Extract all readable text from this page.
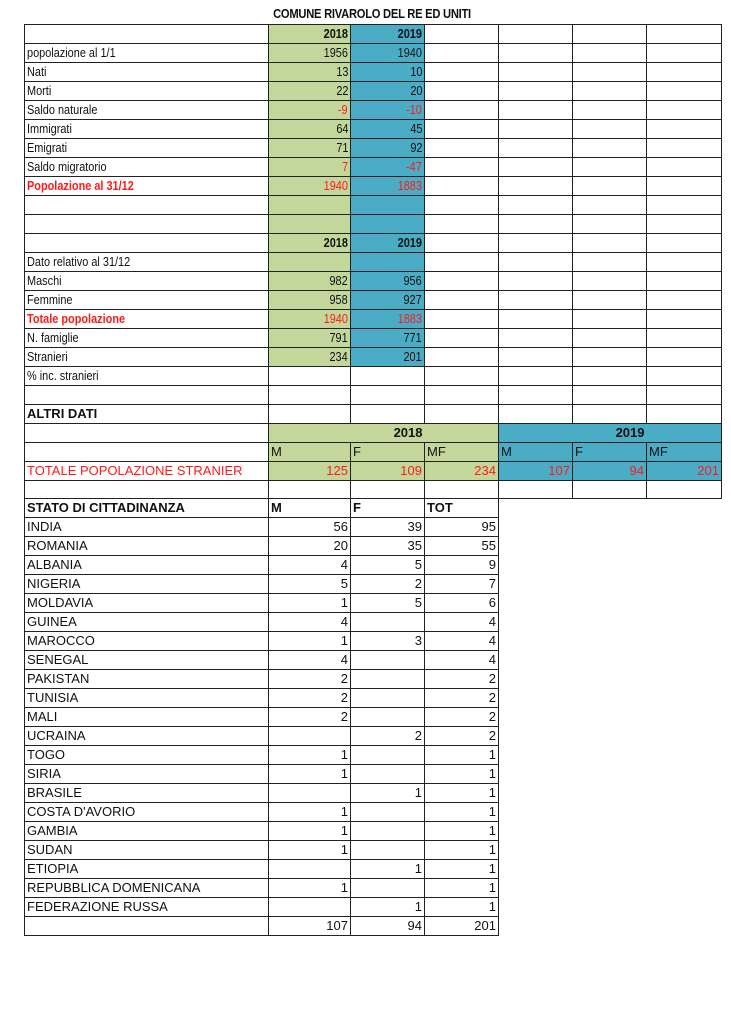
COMUNE RIVAROLO DEL RE ED UNITI
	2018	2019				
popolazione al 1/1	1956	1940				
Nati	13	10				
Morti	22	20				
Saldo naturale	-9	-10				
Immigrati	64	45				
Emigrati	71	92				
Saldo migratorio	7	-47				
Popolazione al 31/12	1940	1883				

	2018	2019				
Dato relativo al 31/12						
Maschi	982	956				
Femmine	958	927				
Totale popolazione	1940	1883				
N. famiglie	791	771				
Stranieri	234	201				
% inc. stranieri						

ALTRI DATI						
		2018			2019	
	M	F	MF	M	F	MF
TOTALE POPOLAZIONE STRANIER	125	109	234	107	94	201

STATO DI CITTADINANZA	M	F	TOT			
INDIA	56	39	95			
ROMANIA	20	35	55			
ALBANIA	4	5	9			
NIGERIA	5	2	7			
MOLDAVIA	1	5	6			
GUINEA	4		4			
MAROCCO	1	3	4			
SENEGAL	4		4			
PAKISTAN	2		2			
TUNISIA	2		2			
MALI	2		2			
UCRAINA		2	2			
TOGO	1		1			
SIRIA	1		1			
BRASILE		1	1			
COSTA D'AVORIO	1		1			
GAMBIA	1		1			
SUDAN	1		1			
ETIOPIA		1	1			
REPUBBLICA DOMENICANA	1		1			
FEDERAZIONE RUSSA		1	1			
	107	94	201			
